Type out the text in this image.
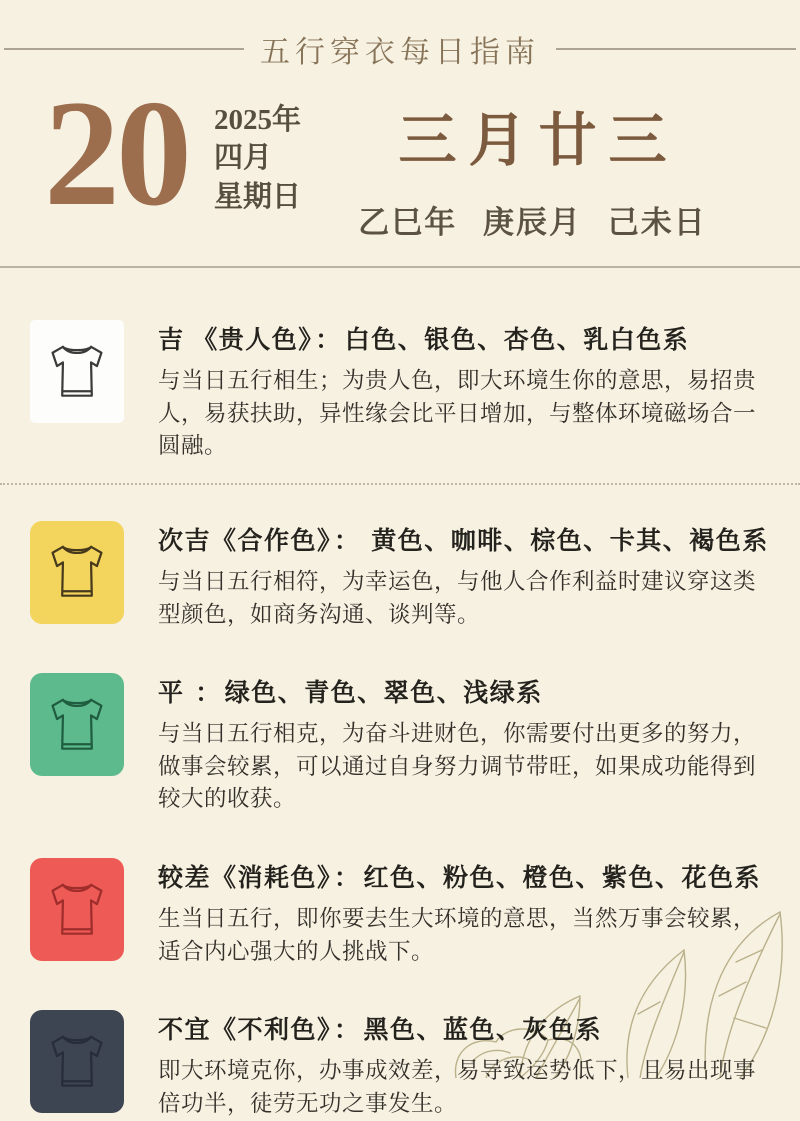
五行穿衣每日指南
20 2025年
四月
星期日
三月廿三
乙巳年 庚辰月 己未日
吉 《贵人色》 ： 白色、银色、杏色、乳白色系

与当日五行相生；为贵人色，即大环境生你的意思，易招贵人，易获扶助，异性缘会比平日增加，与整体环境磁场合一圆融。

次吉《合作色》 ： 黄色、咖啡、棕色、卡其、褐色系

与当日五行相符，为幸运色，与他人合作利益时建议穿这类型颜色，如商务沟通、谈判等。

平 ： 绿色、青色、翠色、浅绿系

与当日五行相克，为奋斗进财色，你需要付出更多的努力，做事会较累，可以通过自身努力调节带旺，如果成功能得到较大的收获。

较差《消耗色》 ： 红色、粉色、橙色、紫色、花色系

生当日五行，即你要去生大环境的意思，当然万事会较累，适合内心强大的人挑战下。

不宜《不利色》 ： 黑色、蓝色、灰色系

即大环境克你，办事成效差，易导致运势低下，且易出现事倍功半，徒劳无功之事发生。
